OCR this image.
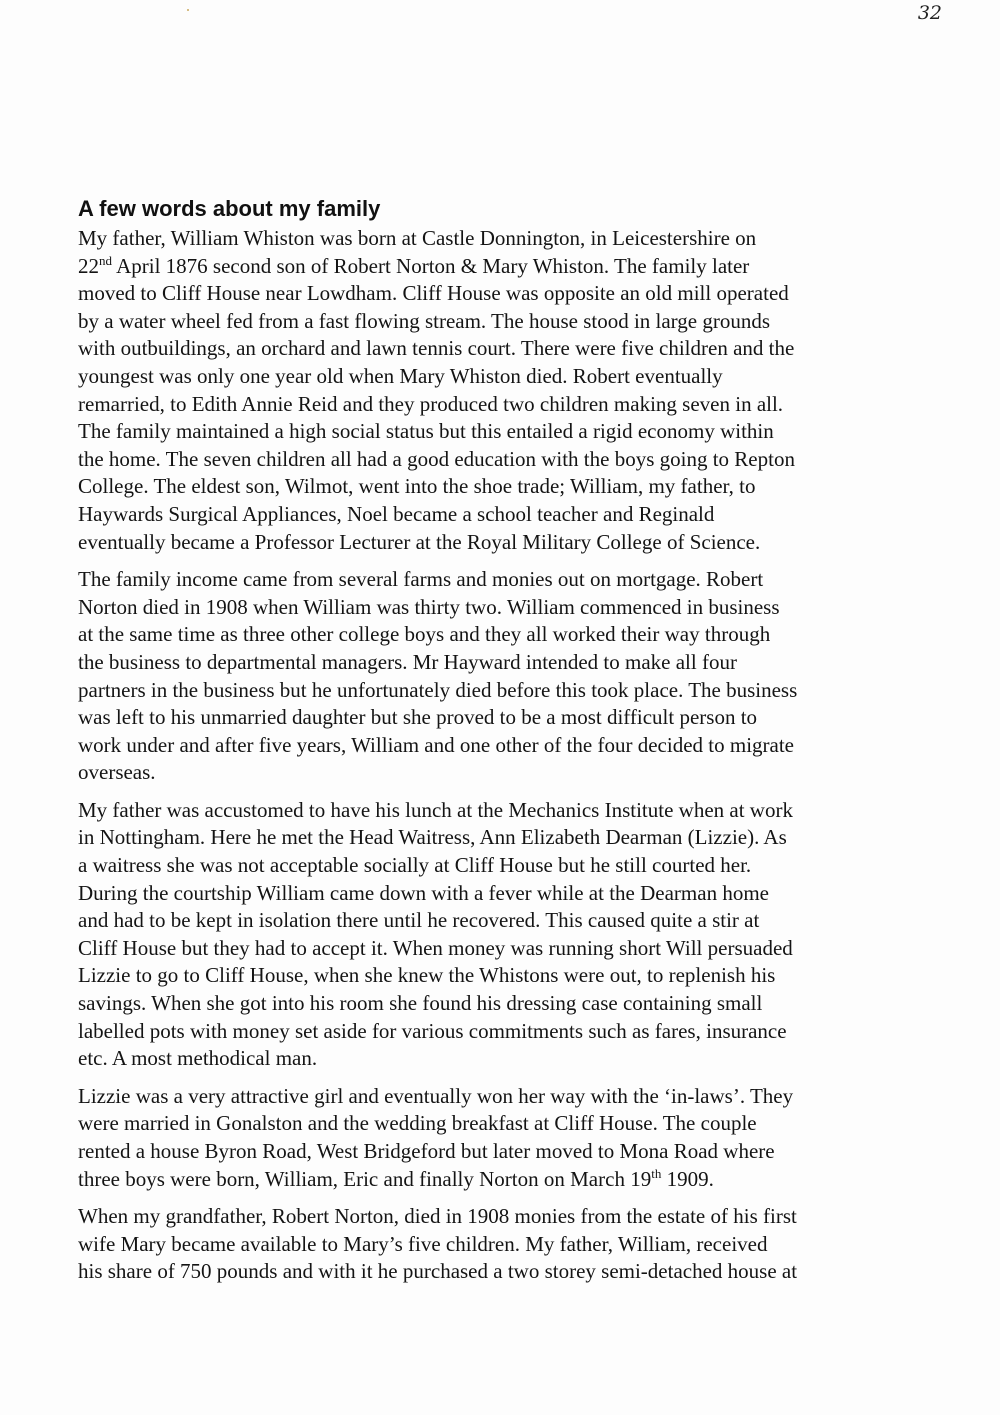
32
A few words about my family

My father, William Whiston was born at Castle Donnington, in Leicestershire on
22nd April 1876 second son of Robert Norton & Mary Whiston. The family later
moved to Cliff House near Lowdham. Cliff House was opposite an old mill operated
by a water wheel fed from a fast flowing stream. The house stood in large grounds
with outbuildings, an orchard and lawn tennis court. There were five children and the
youngest was only one year old when Mary Whiston died. Robert eventually
remarried, to Edith Annie Reid and they produced two children making seven in all.
The family maintained a high social status but this entailed a rigid economy within
the home. The seven children all had a good education with the boys going to Repton
College. The eldest son, Wilmot, went into the shoe trade; William, my father, to
Haywards Surgical Appliances, Noel became a school teacher and Reginald
eventually became a Professor Lecturer at the Royal Military College of Science.

The family income came from several farms and monies out on mortgage. Robert
Norton died in 1908 when William was thirty two. William commenced in business
at the same time as three other college boys and they all worked their way through
the business to departmental managers. Mr Hayward intended to make all four
partners in the business but he unfortunately died before this took place. The business
was left to his unmarried daughter but she proved to be a most difficult person to
work under and after five years, William and one other of the four decided to migrate
overseas.

My father was accustomed to have his lunch at the Mechanics Institute when at work
in Nottingham. Here he met the Head Waitress, Ann Elizabeth Dearman (Lizzie). As
a waitress she was not acceptable socially at Cliff House but he still courted her.
During the courtship William came down with a fever while at the Dearman home
and had to be kept in isolation there until he recovered. This caused quite a stir at
Cliff House but they had to accept it. When money was running short Will persuaded
Lizzie to go to Cliff House, when she knew the Whistons were out, to replenish his
savings. When she got into his room she found his dressing case containing small
labelled pots with money set aside for various commitments such as fares, insurance
etc. A most methodical man.

Lizzie was a very attractive girl and eventually won her way with the ‘in-laws’. They
were married in Gonalston and the wedding breakfast at Cliff House. The couple
rented a house Byron Road, West Bridgeford but later moved to Mona Road where
three boys were born, William, Eric and finally Norton on March 19th 1909.

When my grandfather, Robert Norton, died in 1908 monies from the estate of his first
wife Mary became available to Mary’s five children. My father, William, received
his share of 750 pounds and with it he purchased a two storey semi-detached house at
